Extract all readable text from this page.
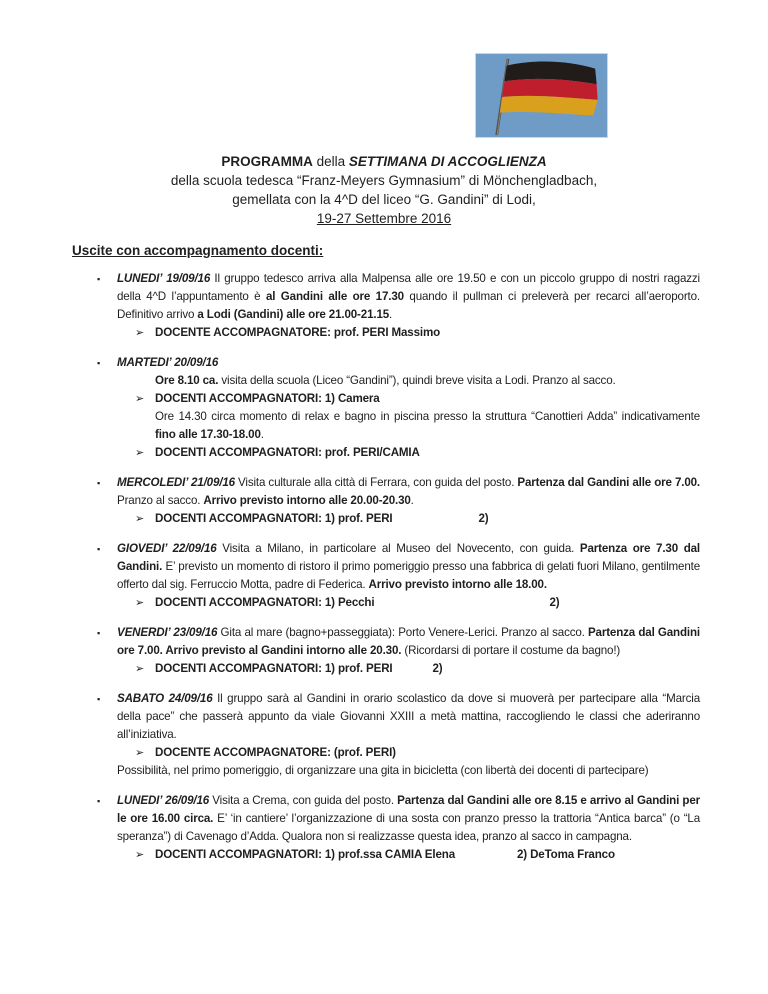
PROGRAMMA della SETTIMANA DI ACCOGLIENZA

della scuola tedesca “Franz-Meyers Gymnasium” di Mönchengladbach,

gemellata con la 4^D del liceo “G. Gandini” di Lodi,

19-27 Settembre 2016

Uscite con accompagnamento docenti:

▪ LUNEDI’ 19/09/16 Il gruppo tedesco arriva alla Malpensa alle ore 19.50 e con un piccolo gruppo di nostri ragazzi della 4^D l’appuntamento è al Gandini alle ore 17.30 quando il pullman ci preleverà per recarci all’aeroporto. Definitivo arrivo a Lodi (Gandini) alle ore 21.00-21.15.

➢ DOCENTE ACCOMPAGNATORE: prof. PERI Massimo

▪ MARTEDI’ 20/09/16

Ore 8.10 ca. visita della scuola (Liceo “Gandini”), quindi breve visita a Lodi. Pranzo al sacco.

➢ DOCENTI ACCOMPAGNATORI: 1) Camera

Ore 14.30 circa momento di relax e bagno in piscina presso la struttura “Canottieri Adda” indicativamente fino alle 17.30-18.00.

➢ DOCENTI ACCOMPAGNATORI: prof. PERI/CAMIA

▪ MERCOLEDI’ 21/09/16 Visita culturale alla città di Ferrara, con guida del posto. Partenza dal Gandini alle ore 7.00. Pranzo al sacco. Arrivo previsto intorno alle 20.00-20.30.

➢ DOCENTI ACCOMPAGNATORI: 1) prof. PERI	2)

▪ GIOVEDI’ 22/09/16 Visita a Milano, in particolare al Museo del Novecento, con guida. Partenza ore 7.30 dal Gandini. E’ previsto un momento di ristoro il primo pomeriggio presso una fabbrica di gelati fuori Milano, gentilmente offerto dal sig. Ferruccio Motta, padre di Federica. Arrivo previsto intorno alle 18.00.

➢ DOCENTI ACCOMPAGNATORI: 1) Pecchi	2)

▪ VENERDI’ 23/09/16 Gita al mare (bagno+passeggiata): Porto Venere-Lerici. Pranzo al sacco. Partenza dal Gandini ore 7.00. Arrivo previsto al Gandini intorno alle 20.30. (Ricordarsi di portare il costume da bagno!)

➢ DOCENTI ACCOMPAGNATORI: 1) prof. PERI	2)

▪ SABATO 24/09/16 Il gruppo sarà al Gandini in orario scolastico da dove si muoverà per partecipare alla “Marcia della pace” che passerà appunto da viale Giovanni XXIII a metà mattina, raccogliendo le classi che aderiranno all’iniziativa.

➢ DOCENTE ACCOMPAGNATORE: (prof. PERI)

Possibilità, nel primo pomeriggio, di organizzare una gita in bicicletta (con libertà dei docenti di partecipare)

▪ LUNEDI’ 26/09/16 Visita a Crema, con guida del posto. Partenza dal Gandini alle ore 8.15 e arrivo al Gandini per le ore 16.00 circa. E’ ‘in cantiere’ l’organizzazione di una sosta con pranzo presso la trattoria “Antica barca” (o “La speranza”) di Cavenago d’Adda. Qualora non si realizzasse questa idea, pranzo al sacco in campagna.

➢ DOCENTI ACCOMPAGNATORI: 1) prof.ssa CAMIA Elena	2) DeToma Franco
